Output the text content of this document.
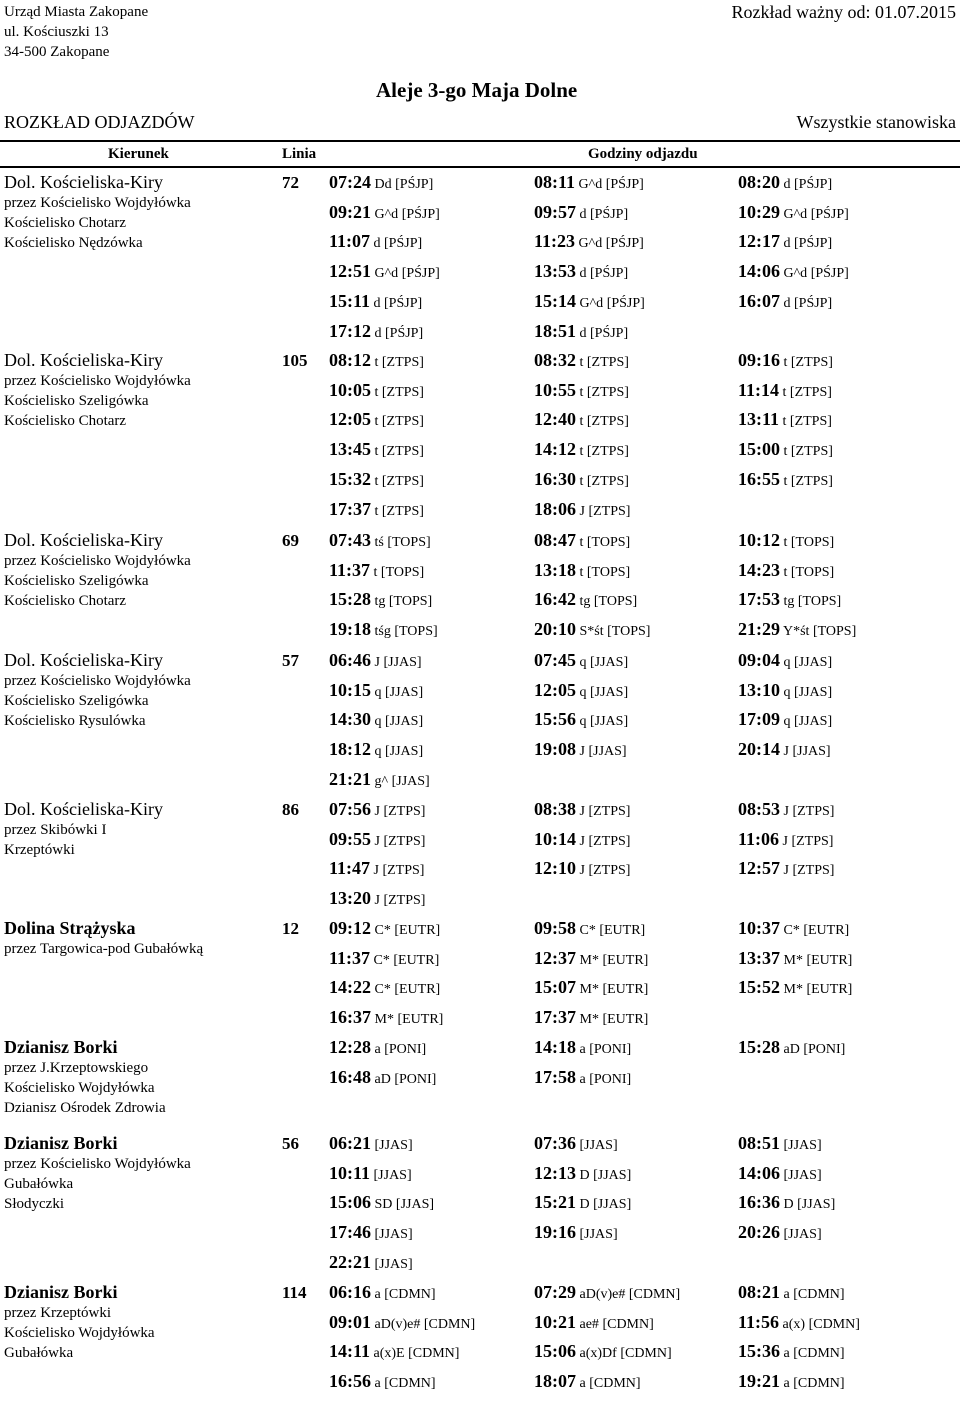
Urząd Miasta Zakopane
ul. Kościuszki 13
34-500 Zakopane
Rozkład ważny od: 01.07.2015
Aleje 3-go Maja Dolne
ROZKŁAD ODJAZDÓW	Wszystkie stanowiska
Kierunek	Linia	Godziny odjazdu
Dol. Kościeliska-Kiry
przez Kościelisko Wojdyłówka
Kościelisko Chotarz
Kościelisko Nędzówka
72 07:24 Dd [PŚJP]	08:11 G^d [PŚJP]	08:20 d [PŚJP]
09:21 G^d [PŚJP]	09:57 d [PŚJP]	10:29 G^d [PŚJP]
11:07 d [PŚJP]	11:23 G^d [PŚJP]	12:17 d [PŚJP]
12:51 G^d [PŚJP]	13:53 d [PŚJP]	14:06 G^d [PŚJP]
15:11 d [PŚJP]	15:14 G^d [PŚJP]	16:07 d [PŚJP]
17:12 d [PŚJP]	18:51 d [PŚJP]
Dol. Kościeliska-Kiry
przez Kościelisko Wojdyłówka
Kościelisko Szeligówka
Kościelisko Chotarz
105 08:12 t [ZTPS]	08:32 t [ZTPS]	09:16 t [ZTPS]
10:05 t [ZTPS]	10:55 t [ZTPS]	11:14 t [ZTPS]
12:05 t [ZTPS]	12:40 t [ZTPS]	13:11 t [ZTPS]
13:45 t [ZTPS]	14:12 t [ZTPS]	15:00 t [ZTPS]
15:32 t [ZTPS]	16:30 t [ZTPS]	16:55 t [ZTPS]
17:37 t [ZTPS]	18:06 J [ZTPS]
Dol. Kościeliska-Kiry
przez Kościelisko Wojdyłówka
Kościelisko Szeligówka
Kościelisko Chotarz
69 07:43 tś [TOPS]	08:47 t [TOPS]	10:12 t [TOPS]
11:37 t [TOPS]	13:18 t [TOPS]	14:23 t [TOPS]
15:28 tg [TOPS]	16:42 tg [TOPS]	17:53 tg [TOPS]
19:18 tśg [TOPS]	20:10 S*śt [TOPS]	21:29 Y*śt [TOPS]
Dol. Kościeliska-Kiry
przez Kościelisko Wojdyłówka
Kościelisko Szeligówka
Kościelisko Rysulówka
57 06:46 J [JJAS]	07:45 q [JJAS]	09:04 q [JJAS]
10:15 q [JJAS]	12:05 q [JJAS]	13:10 q [JJAS]
14:30 q [JJAS]	15:56 q [JJAS]	17:09 q [JJAS]
18:12 q [JJAS]	19:08 J [JJAS]	20:14 J [JJAS]
21:21 g^ [JJAS]
Dol. Kościeliska-Kiry
przez Skibówki I
Krzeptówki
86 07:56 J [ZTPS]	08:38 J [ZTPS]	08:53 J [ZTPS]
09:55 J [ZTPS]	10:14 J [ZTPS]	11:06 J [ZTPS]
11:47 J [ZTPS]	12:10 J [ZTPS]	12:57 J [ZTPS]
13:20 J [ZTPS]
Dolina Strążyska
przez Targowica-pod Gubałówką
12 09:12 C* [EUTR]	09:58 C* [EUTR]	10:37 C* [EUTR]
11:37 C* [EUTR]	12:37 M* [EUTR]	13:37 M* [EUTR]
14:22 C* [EUTR]	15:07 M* [EUTR]	15:52 M* [EUTR]
16:37 M* [EUTR]	17:37 M* [EUTR]
Dzianisz Borki
przez J.Krzeptowskiego
Kościelisko Wojdyłówka
Dzianisz Ośrodek Zdrowia
12:28 a [PONI]	14:18 a [PONI]	15:28 aD [PONI]
16:48 aD [PONI]	17:58 a [PONI]
Dzianisz Borki
przez Kościelisko Wojdyłówka
Gubałówka
Słodyczki
56 06:21 [JJAS]	07:36 [JJAS]	08:51 [JJAS]
10:11 [JJAS]	12:13 D [JJAS]	14:06 [JJAS]
15:06 SD [JJAS]	15:21 D [JJAS]	16:36 D [JJAS]
17:46 [JJAS]	19:16 [JJAS]	20:26 [JJAS]
22:21 [JJAS]
Dzianisz Borki
przez Krzeptówki
Kościelisko Wojdyłówka
Gubałówka
114 06:16 a [CDMN]	07:29 aD(v)e# [CDMN]	08:21 a [CDMN]
09:01 aD(v)e# [CDMN]	10:21 ae# [CDMN]	11:56 a(x) [CDMN]
14:11 a(x)E [CDMN]	15:06 a(x)Df [CDMN]	15:36 a [CDMN]
16:56 a [CDMN]	18:07 a [CDMN]	19:21 a [CDMN]
